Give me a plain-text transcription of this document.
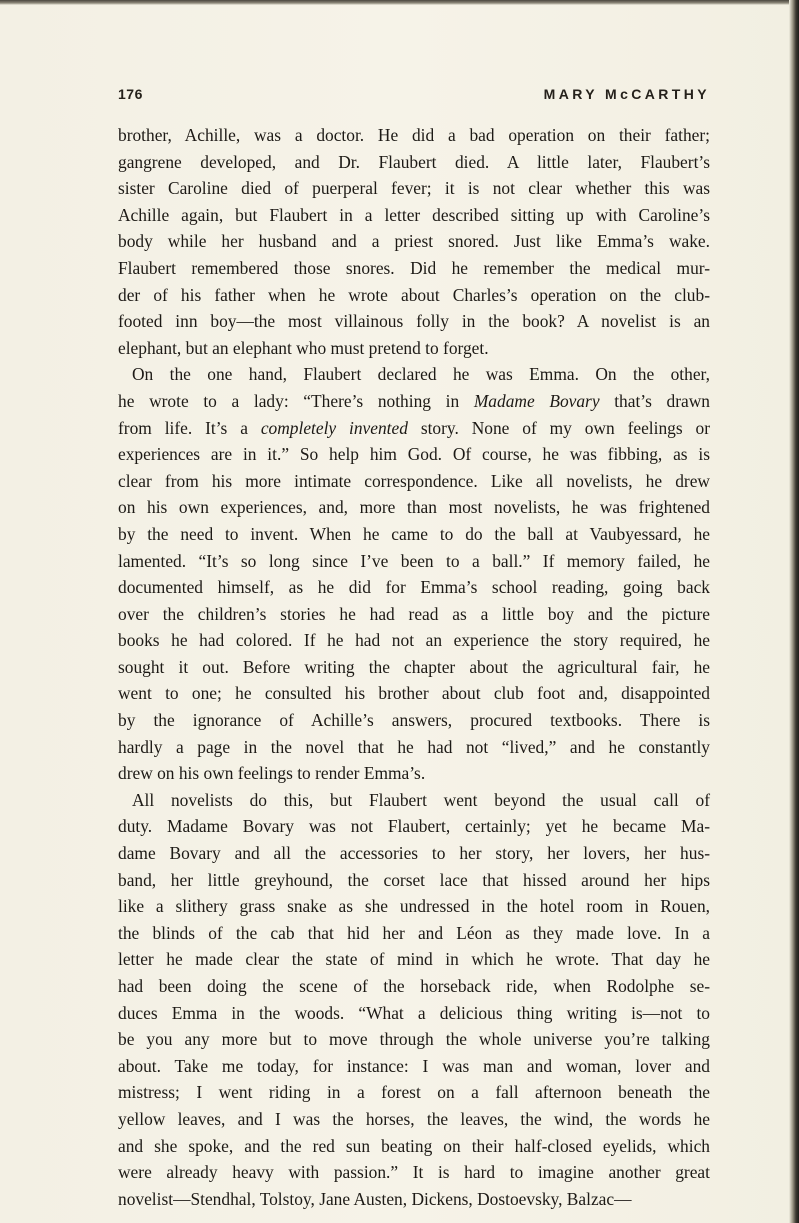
176	MARY McCARTHY

brother, Achille, was a doctor. He did a bad operation on their father;
gangrene developed, and Dr. Flaubert died. A little later, Flaubert’s
sister Caroline died of puerperal fever; it is not clear whether this was
Achille again, but Flaubert in a letter described sitting up with Caroline’s
body while her husband and a priest snored. Just like Emma’s wake.
Flaubert remembered those snores. Did he remember the medical mur-
der of his father when he wrote about Charles’s operation on the club-
footed inn boy—the most villainous folly in the book? A novelist is an
elephant, but an elephant who must pretend to forget.

On the one hand, Flaubert declared he was Emma. On the other,
he wrote to a lady: “There’s nothing in Madame Bovary that’s drawn
from life. It’s a completely invented story. None of my own feelings or
experiences are in it.” So help him God. Of course, he was fibbing, as is
clear from his more intimate correspondence. Like all novelists, he drew
on his own experiences, and, more than most novelists, he was frightened
by the need to invent. When he came to do the ball at Vaubyessard, he
lamented. “It’s so long since I’ve been to a ball.” If memory failed, he
documented himself, as he did for Emma’s school reading, going back
over the children’s stories he had read as a little boy and the picture
books he had colored. If he had not an experience the story required, he
sought it out. Before writing the chapter about the agricultural fair, he
went to one; he consulted his brother about club foot and, disappointed
by the ignorance of Achille’s answers, procured textbooks. There is
hardly a page in the novel that he had not “lived,” and he constantly
drew on his own feelings to render Emma’s.

All novelists do this, but Flaubert went beyond the usual call of
duty. Madame Bovary was not Flaubert, certainly; yet he became Ma-
dame Bovary and all the accessories to her story, her lovers, her hus-
band, her little greyhound, the corset lace that hissed around her hips
like a slithery grass snake as she undressed in the hotel room in Rouen,
the blinds of the cab that hid her and Léon as they made love. In a
letter he made clear the state of mind in which he wrote. That day he
had been doing the scene of the horseback ride, when Rodolphe se-
duces Emma in the woods. “What a delicious thing writing is—not to
be you any more but to move through the whole universe you’re talking
about. Take me today, for instance: I was man and woman, lover and
mistress; I went riding in a forest on a fall afternoon beneath the
yellow leaves, and I was the horses, the leaves, the wind, the words he
and she spoke, and the red sun beating on their half-closed eyelids, which
were already heavy with passion.” It is hard to imagine another great
novelist—Stendhal, Tolstoy, Jane Austen, Dickens, Dostoevsky, Balzac—
